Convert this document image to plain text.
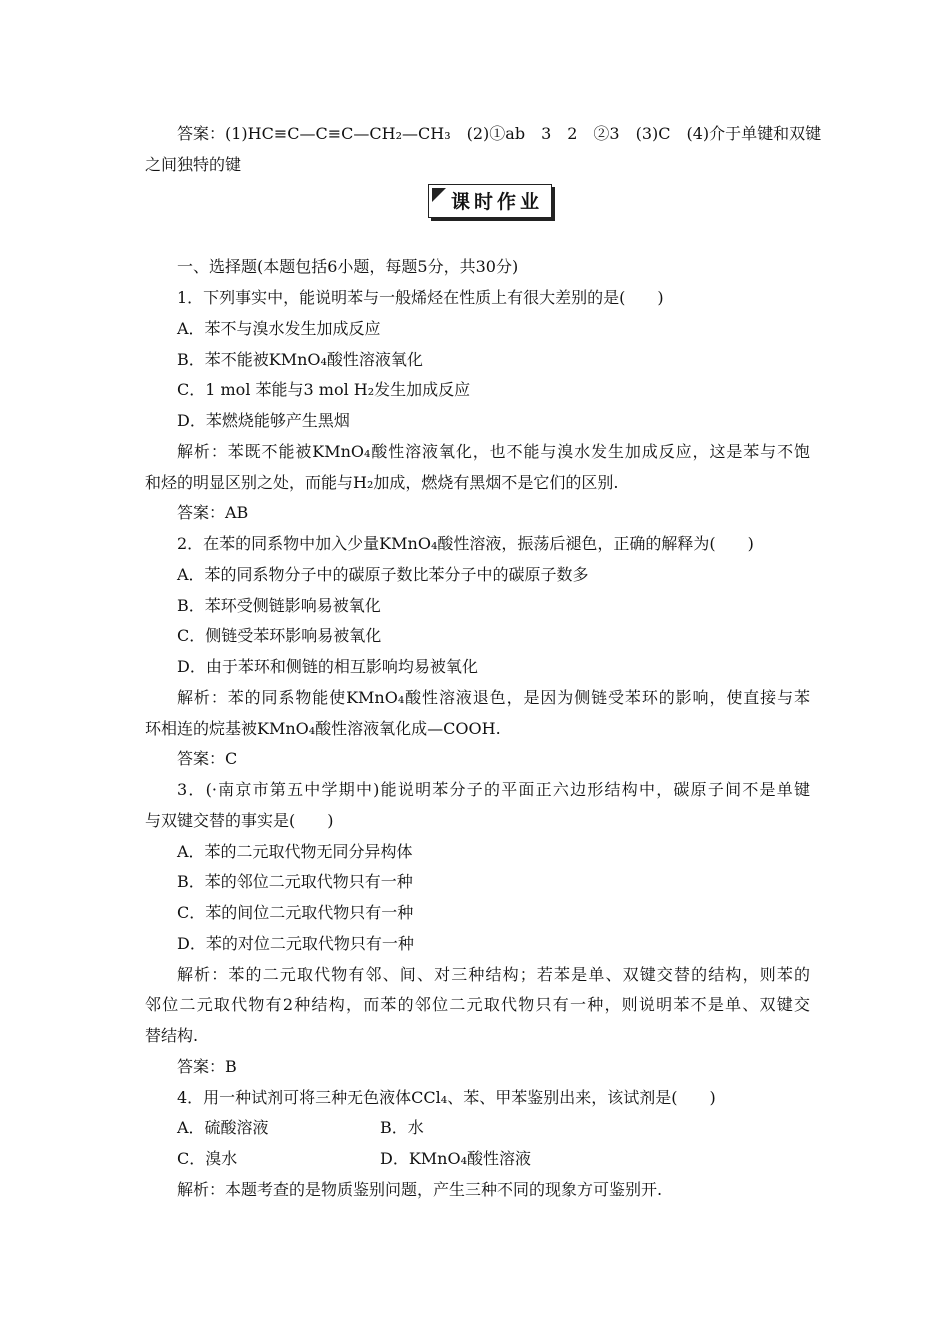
答案：(1)HC≡C—C≡C—CH₂—CH₃　(2)①ab　3　2　②3　(3)C　(4)介于单键和双键
之间独特的键
课时作业
一、选择题(本题包括6小题，每题5分，共30分)
1．下列事实中，能说明苯与一般烯烃在性质上有很大差别的是(　　)
A．苯不与溴水发生加成反应
B．苯不能被KMnO₄酸性溶液氧化
C．1 mol 苯能与3 mol H₂发生加成反应
D．苯燃烧能够产生黑烟
解析：苯既不能被KMnO₄酸性溶液氧化，也不能与溴水发生加成反应，这是苯与不饱
和烃的明显区别之处，而能与H₂加成，燃烧有黑烟不是它们的区别.
答案：AB
2．在苯的同系物中加入少量KMnO₄酸性溶液，振荡后褪色，正确的解释为(　　)
A．苯的同系物分子中的碳原子数比苯分子中的碳原子数多
B．苯环受侧链影响易被氧化
C．侧链受苯环影响易被氧化
D．由于苯环和侧链的相互影响均易被氧化
解析：苯的同系物能使KMnO₄酸性溶液退色，是因为侧链受苯环的影响，使直接与苯
环相连的烷基被KMnO₄酸性溶液氧化成—COOH.
答案：C
3．(·南京市第五中学期中)能说明苯分子的平面正六边形结构中，碳原子间不是单键
与双键交替的事实是(　　)
A．苯的二元取代物无同分异构体
B．苯的邻位二元取代物只有一种
C．苯的间位二元取代物只有一种
D．苯的对位二元取代物只有一种
解析：苯的二元取代物有邻、间、对三种结构；若苯是单、双键交替的结构，则苯的
邻位二元取代物有2种结构，而苯的邻位二元取代物只有一种，则说明苯不是单、双键交
替结构.
答案：B
4．用一种试剂可将三种无色液体CCl₄、苯、甲苯鉴别出来，该试剂是(　　)
A．硫酸溶液	B．水
C．溴水	D．KMnO₄酸性溶液
解析：本题考查的是物质鉴别问题，产生三种不同的现象方可鉴别开.
